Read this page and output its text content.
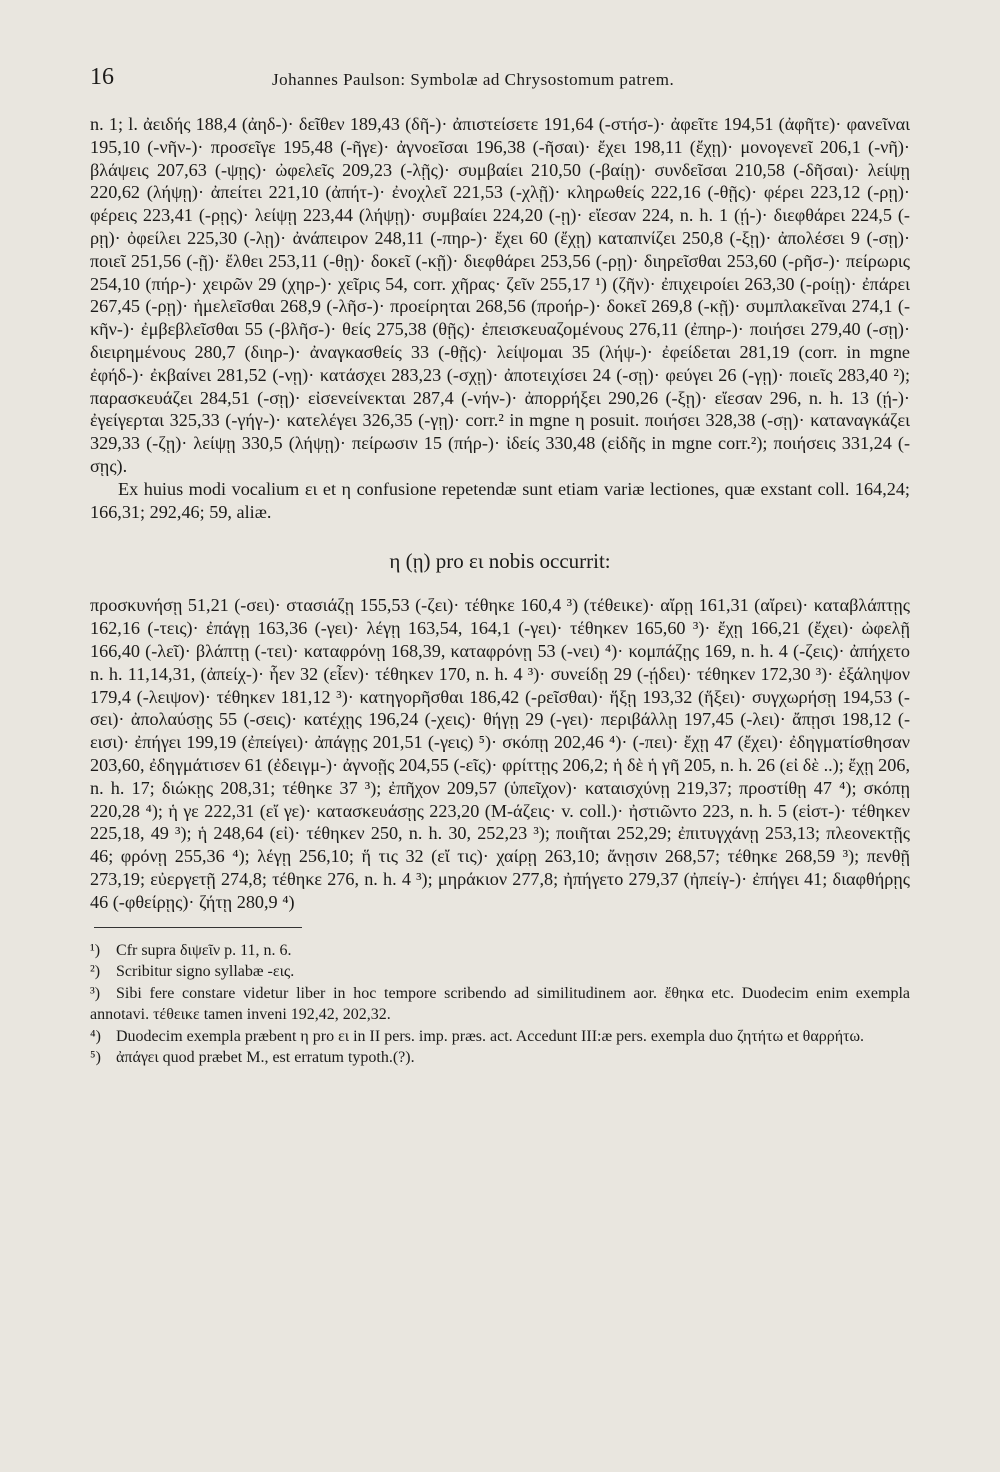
16	Johannes Paulson: Symbolæ ad Chrysostomum patrem.

n. 1; l. ἀειδής 188,4 (ἀηδ-)· δεῖθεν 189,43 (δῆ-)· ἀπιστείσετε 191,64 (-στήσ-)· ἀφεῖτε 194,51 (ἀφῆτε)· φανεῖναι 195,10 (-νῆν-)· προσεῖγε 195,48 (-ῆγε)· ἀγνοεῖσαι 196,38 (-ῆσαι)· ἔχει 198,11 (ἔχῃ)· μονογενεῖ 206,1 (-νῆ)· βλάψεις 207,63 (-ψῃς)· ὠφελεῖς 209,23 (-λῇς)· συμβαίει 210,50 (-βαίῃ)· συνδεῖσαι 210,58 (-δῆσαι)· λείψῃ 220,62 (λήψῃ)· ἀπείτει 221,10 (ἀπήτ-)· ἐνοχλεῖ 221,53 (-χλῇ)· κληρωθείς 222,16 (-θῇς)· φέρει 223,12 (-ρῃ)· φέρεις 223,41 (-ρῃς)· λείψῃ 223,44 (λήψῃ)· συμβαίει 224,20 (-ῃ)· εἴεσαν 224, n. h. 1 (ῄ-)· διεφθάρει 224,5 (-ρῃ)· ὀφείλει 225,30 (-λῃ)· ἀνάπειρον 248,11 (-πηρ-)· ἔχει 60 (ἔχῃ) καταπνίζει 250,8 (-ξῃ)· ἀπολέσει 9 (-σῃ)· ποιεῖ 251,56 (-ῇ)· ἔλθει 253,11 (-θῃ)· δοκεῖ (-κῇ)· διεφθάρει 253,56 (-ρῃ)· διηρεῖσθαι 253,60 (-ρῆσ-)· πείρωρις 254,10 (πήρ-)· χειρῶν 29 (χηρ-)· χεῖρις 54, corr. χῆρας· ζεῖν 255,17 ¹) (ζῆν)· ἐπιχειροίει 263,30 (-ροίῃ)· ἐπάρει 267,45 (-ρῃ)· ἠμελεῖσθαι 268,9 (-λῆσ-)· προείρηται 268,56 (προήρ-)· δοκεῖ 269,8 (-κῇ)· συμπλακεῖναι 274,1 (-κῆν-)· ἐμβεβλεῖσθαι 55 (-βλῆσ-)· θείς 275,38 (θῇς)· ἐπεισκευαζομένους 276,11 (ἐπηρ-)· ποιήσει 279,40 (-σῃ)· διειρημένους 280,7 (διηρ-)· ἀναγκασθείς 33 (-θῇς)· λείψομαι 35 (λήψ-)· ἐφείδεται 281,19 (corr. in mgne ἐφήδ-)· ἐκβαίνει 281,52 (-νῃ)· κατάσχει 283,23 (-σχῃ)· ἀποτειχίσει 24 (-σῃ)· φεύγει 26 (-γῃ)· ποιεῖς 283,40 ²); παρασκευάζει 284,51 (-σῃ)· εἰσενείνεκται 287,4 (-νήν-)· ἀπορρήξει 290,26 (-ξῃ)· εἴεσαν 296, n. h. 13 (ῄ-)· ἐγείγερται 325,33 (-γήγ-)· κατελέγει 326,35 (-γῃ)· corr.² in mgne η posuit. ποιήσει 328,38 (-σῃ)· καταναγκάζει 329,33 (-ζῃ)· λείψῃ 330,5 (λήψῃ)· πείρωσιν 15 (πήρ-)· ἰδείς 330,48 (εἰδῆς in mgne corr.²); ποιήσεις 331,24 (-σῃς).

Ex huius modi vocalium ει et η confusione repetendæ sunt etiam variæ lectiones, quæ exstant coll. 164,24; 166,31; 292,46; 59, aliæ.

η (ῃ) pro ει nobis occurrit:

προσκυνήσῃ 51,21 (-σει)· στασιάζῃ 155,53 (-ζει)· τέθηκε 160,4 ³) (τέθεικε)· αἴρῃ 161,31 (αἴρει)· καταβλάπτῃς 162,16 (-τεις)· ἐπάγῃ 163,36 (-γει)· λέγῃ 163,54, 164,1 (-γει)· τέθηκεν 165,60 ³)· ἔχῃ 166,21 (ἔχει)· ὠφελῇ 166,40 (-λεῖ)· βλάπτῃ (-τει)· καταφρόνῃ 168,39, καταφρόνῃ 53 (-νει) ⁴)· κομπάζῃς 169, n. h. 4 (-ζεις)· ἀπήχετο n. h. 11,14,31, (ἀπείχ-)· ἧεν 32 (εἶεν)· τέθηκεν 170, n. h. 4 ³)· συνείδῃ 29 (-ῄδει)· τέθηκεν 172,30 ³)· ἐξάληψον 179,4 (-λειψον)· τέθηκεν 181,12 ³)· κατηγορῆσθαι 186,42 (-ρεῖσθαι)· ἥξῃ 193,32 (ἥξει)· συγχωρήσῃ 194,53 (-σει)· ἀπολαύσῃς 55 (-σεις)· κατέχῃς 196,24 (-χεις)· θήγῃ 29 (-γει)· περιβάλλῃ 197,45 (-λει)· ἄπῃσι 198,12 (-εισι)· ἐπήγει 199,19 (ἐπείγει)· ἀπάγῃς 201,51 (-γεις) ⁵)· σκόπῃ 202,46 ⁴)· (-πει)· ἔχῃ 47 (ἔχει)· ἐδηγματίσθησαν 203,60, ἐδηγμάτισεν 61 (ἐδειγμ-)· ἀγνοῇς 204,55 (-εῖς)· φρίττῃς 206,2; ἡ δὲ ἡ γῆ 205, n. h. 26 (εἰ δὲ ..); ἔχῃ 206, n. h. 17; διώκῃς 208,31; τέθηκε 37 ³); ἐπῆχον 209,57 (ὑπεῖχον)· καταισχύνῃ 219,37; προστίθῃ 47 ⁴); σκόπῃ 220,28 ⁴); ἡ γε 222,31 (εἴ γε)· κατασκευάσῃς 223,20 (M-άζεις· v. coll.)· ἠστιῶντο 223, n. h. 5 (εἱστ-)· τέθηκεν 225,18, 49 ³); ἡ 248,64 (εἰ)· τέθηκεν 250, n. h. 30, 252,23 ³); ποιῆται 252,29; ἐπιτυγχάνῃ 253,13; πλεονεκτῇς 46; φρόνῃ 255,36 ⁴); λέγῃ 256,10; ἥ τις 32 (εἴ τις)· χαίρῃ 263,10; ἄνῃσιν 268,57; τέθηκε 268,59 ³); πενθῇ 273,19; εὐεργετῇ 274,8; τέθηκε 276, n. h. 4 ³); μηράκιον 277,8; ἠπήγετο 279,37 (ἠπείγ-)· ἐπήγει 41; διαφθήρῃς 46 (-φθείρῃς)· ζήτῃ 280,9 ⁴)

¹) Cfr supra διψεῖν p. 11, n. 6.

²) Scribitur signo syllabæ -εις.

³) Sibi fere constare videtur liber in hoc tempore scribendo ad similitudinem aor. ἔθηκα etc. Duodecim enim exempla annotavi. τέθεικε tamen inveni 192,42, 202,32.

⁴) Duodecim exempla præbent η pro ει in II pers. imp. præs. act. Accedunt III:æ pers. exempla duo ζητήτω et θαρρήτω.

⁵) ἀπάγει quod præbet M., est erratum typoth.(?).
